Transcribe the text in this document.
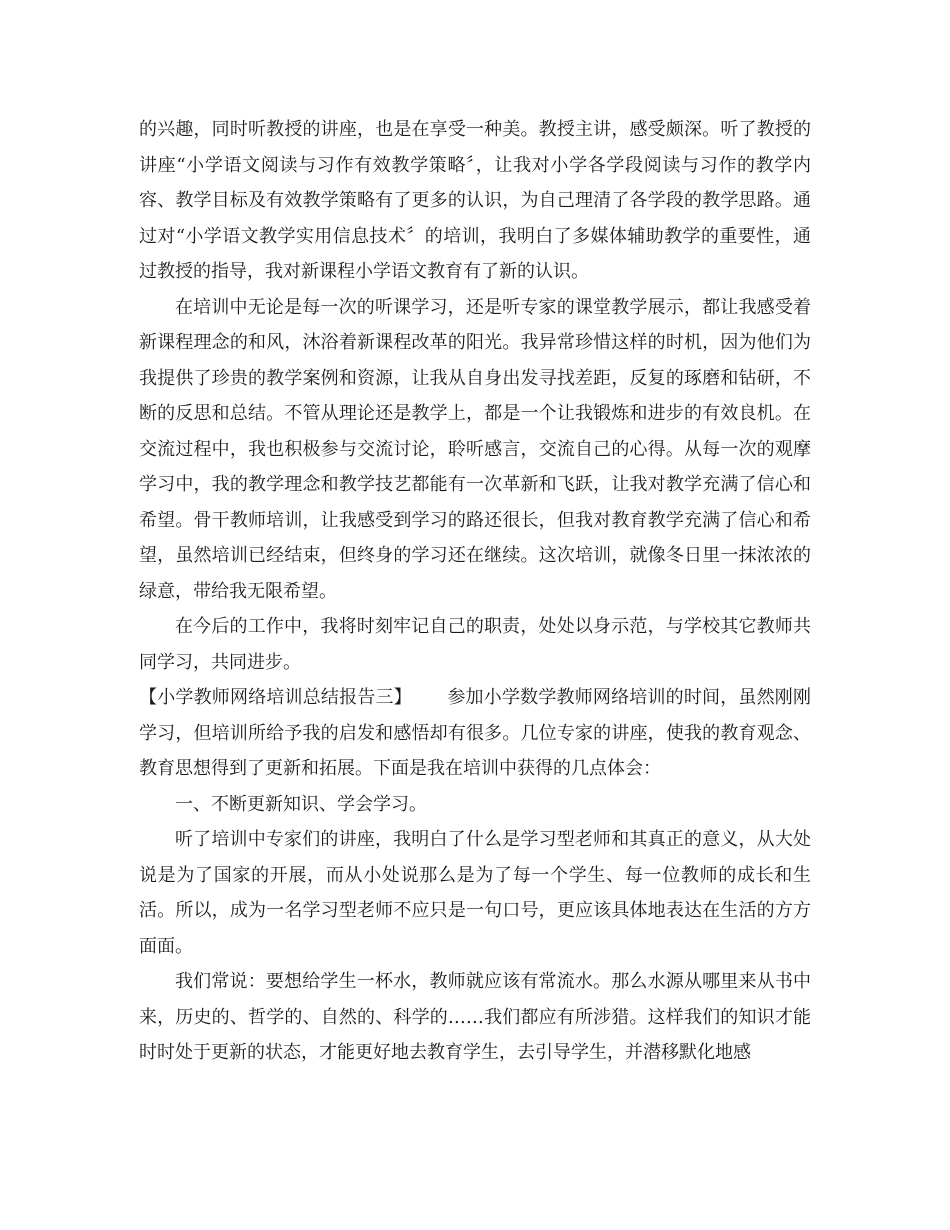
的兴趣，同时听教授的讲座，也是在享受一种美。教授主讲，感受颇深。听了教授的讲座“小学语文阅读与习作有效教学策略〞，让我对小学各学段阅读与习作的教学内容、教学目标及有效教学策略有了更多的认识，为自己理清了各学段的教学思路。通过对“小学语文教学实用信息技术〞的培训，我明白了多媒体辅助教学的重要性，通过教授的指导，我对新课程小学语文教育有了新的认识。

在培训中无论是每一次的听课学习，还是听专家的课堂教学展示，都让我感受着新课程理念的和风，沐浴着新课程改革的阳光。我异常珍惜这样的时机，因为他们为我提供了珍贵的教学案例和资源，让我从自身出发寻找差距，反复的琢磨和钻研，不断的反思和总结。不管从理论还是教学上，都是一个让我锻炼和进步的有效良机。在交流过程中，我也积极参与交流讨论，聆听感言，交流自己的心得。从每一次的观摩学习中，我的教学理念和教学技艺都能有一次革新和飞跃，让我对教学充满了信心和希望。骨干教师培训，让我感受到学习的路还很长，但我对教育教学充满了信心和希望，虽然培训已经结束，但终身的学习还在继续。这次培训，就像冬日里一抹浓浓的绿意，带给我无限希望。

在今后的工作中，我将时刻牢记自己的职责，处处以身示范，与学校其它教师共同学习，共同进步。

【小学教师网络培训总结报告三】 参加小学数学教师网络培训的时间，虽然刚刚学习，但培训所给予我的启发和感悟却有很多。几位专家的讲座，使我的教育观念、教育思想得到了更新和拓展。下面是我在培训中获得的几点体会：

一、不断更新知识、学会学习。

听了培训中专家们的讲座，我明白了什么是学习型老师和其真正的意义，从大处说是为了国家的开展，而从小处说那么是为了每一个学生、每一位教师的成长和生活。所以，成为一名学习型老师不应只是一句口号，更应该具体地表达在生活的方方面面。

我们常说：要想给学生一杯水，教师就应该有常流水。那么水源从哪里来从书中来，历史的、哲学的、自然的、科学的……我们都应有所涉猎。这样我们的知识才能时时处于更新的状态，才能更好地去教育学生，去引导学生，并潜移默化地感
